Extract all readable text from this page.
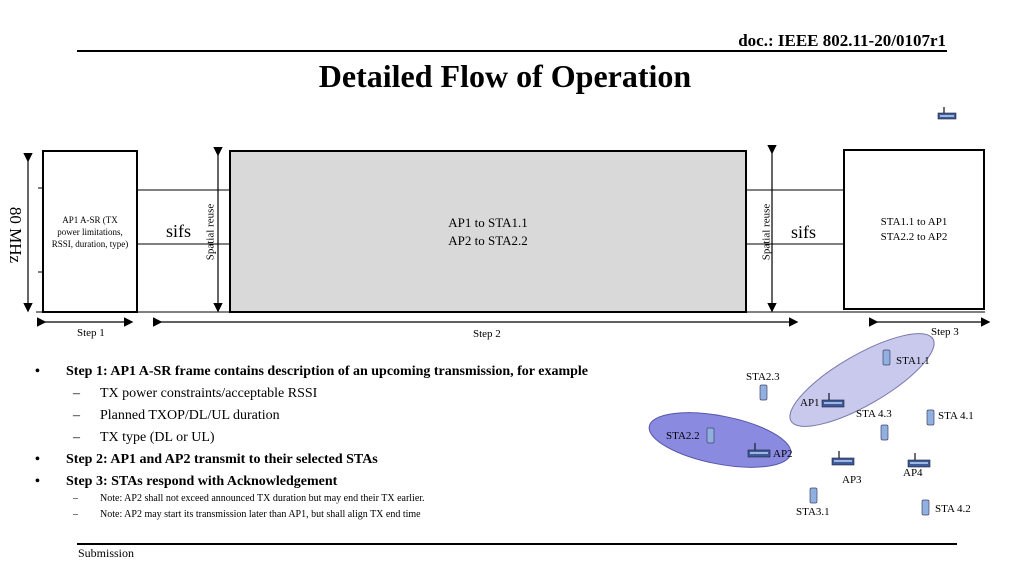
doc.: IEEE 802.11-20/0107r1
Detailed Flow of Operation
80 MHz	AP1 A-SR (TX power limitations, RSSI, duration, type)
sifs Spatial reuse	AP1 to STA1.1
AP2 to STA2.2	Spatial reuse sifs
STA1.1 to AP1
STA2.2 to AP2
Step 1	Step 2	Step 3
• Step 1: AP1 A-SR frame contains description of an upcoming transmission, for example
– TX power constraints/acceptable RSSI
– Planned TXOP/DL/UL duration
– TX type (DL or UL)
• Step 2: AP1 and AP2 transmit to their selected STAs
• Step 3: STAs respond with Acknowledgement
– Note: AP2 shall not exceed announced TX duration but may end their TX earlier.
– Note: AP2 may start its transmission later than AP1, but shall align TX end time
STA1.1
STA2.3
AP1
STA 4.3	STA 4.1
STA2.2
AP2
AP4
AP3
STA3.1	STA 4.2
Submission
